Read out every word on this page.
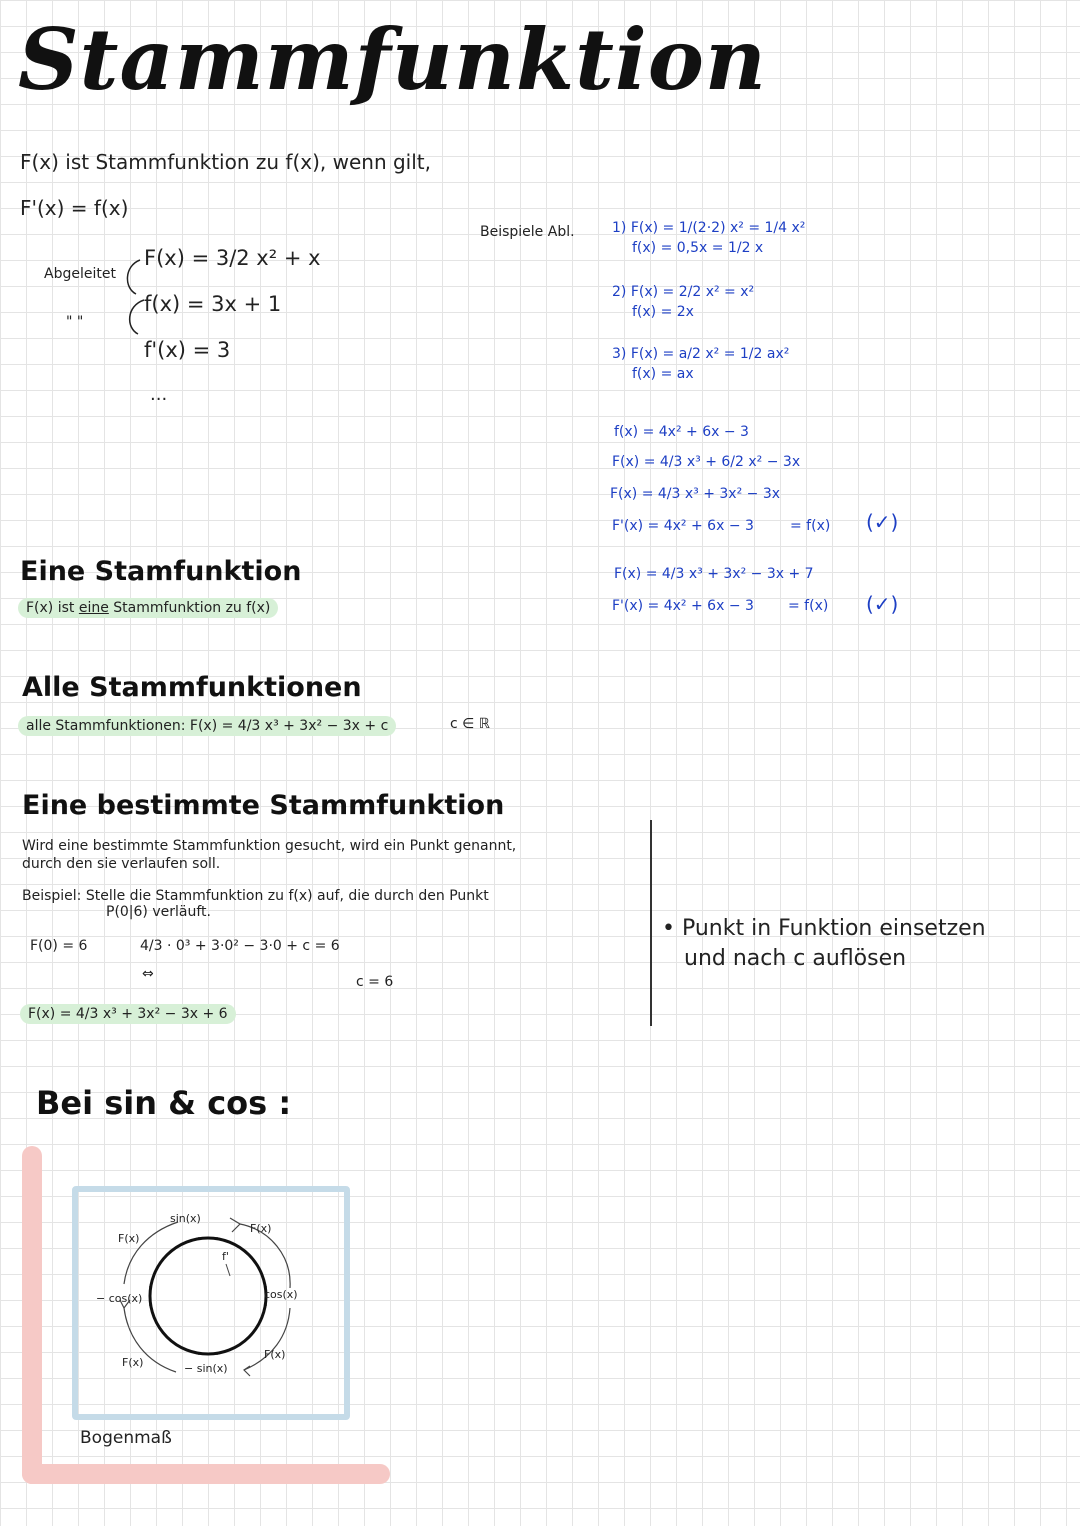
Stammfunktion
F(x) ist Stammfunktion zu f(x), wenn gilt,
F'(x) = f(x)
Abgeleitet
" "
F(x) = 3/2 x² + x
f(x) = 3x + 1
f'(x) = 3
...
Beispiele Abl.	1) F(x) = 1/(2·2) x² = 1/4 x²
f(x) = 0,5x = 1/2 x
2) F(x) = 2/2 x² = x²
f(x) = 2x
3) F(x) = a/2 x² = 1/2 ax²
f(x) = ax
f(x) = 4x² + 6x − 3
F(x) = 4/3 x³ + 6/2 x² − 3x
F(x) = 4/3 x³ + 3x² − 3x
F'(x) = 4x² + 6x − 3	= f(x) (✓)
F(x) = 4/3 x³ + 3x² − 3x + 7
F'(x) = 4x² + 6x − 3 = f(x) (✓)
Eine Stamfunktion
F(x) ist eine Stammfunktion zu f(x)
Alle Stammfunktionen
alle Stammfunktionen: F(x) = 4/3 x³ + 3x² − 3x + c	c ∈ ℝ
Eine bestimmte Stammfunktion
Wird eine bestimmte Stammfunktion gesucht, wird ein Punkt genannt,
durch den sie verlaufen soll.
Beispiel: Stelle die Stammfunktion zu f(x) auf, die durch den Punkt
P(0|6) verläuft.
F(0) = 6	4/3 · 0³ + 3·0² − 3·0 + c = 6
⇔	c = 6
F(x) = 4/3 x³ + 3x² − 3x + 6
• Punkt in Funktion einsetzen
und nach c auflösen
Bei sin & cos :
sin(x)
cos(x)
− sin(x)
− cos(x)
F(x)
F(x)
F(x)
F(x)
f'
Bogenmaß
